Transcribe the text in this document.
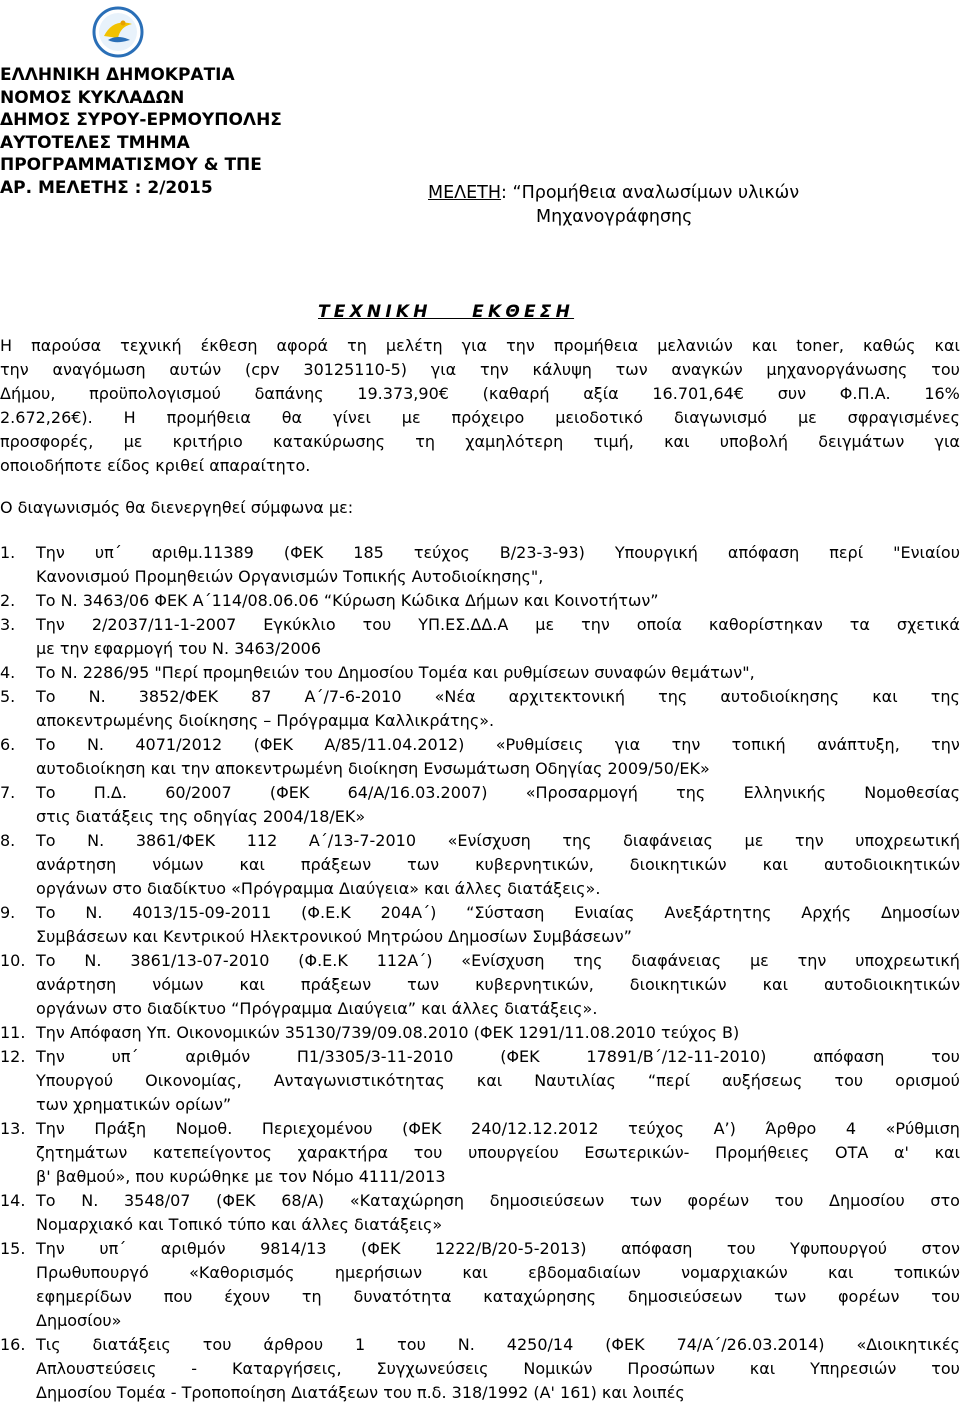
ΕΛΛΗΝΙΚΗ ΔΗΜΟΚΡΑΤΙΑ
ΝΟΜΟΣ ΚΥΚΛΑΔΩΝ
ΔΗΜΟΣ ΣΥΡΟΥ-ΕΡΜΟΥΠΟΛΗΣ
ΑΥΤΟΤΕΛΕΣ ΤΜΗΜΑ
ΠΡΟΓΡΑΜΜΑΤΙΣΜΟΥ & ΤΠΕ
ΑΡ. ΜΕΛΕΤΗΣ : 2/2015	ΜΕΛΕΤΗ: “Προμήθεια αναλωσίμων υλικών
Μηχανογράφησης
ΤΕΧΝΙΚΗ    ΕΚΘΕΣΗ
Η παρούσα τεχνική έκθεση αφορά τη μελέτη για την προμήθεια μελανιών και toner, καθώς και
την αναγόμωση αυτών (cpv 30125110-5) για την κάλυψη των αναγκών μηχανοργάνωσης του
Δήμου, προϋπολογισμού δαπάνης 19.373,90€ (καθαρή αξία 16.701,64€ συν Φ.Π.Α. 16%
2.672,26€). Η προμήθεια θα γίνει με πρόχειρο μειοδοτικό διαγωνισμό με σφραγισμένες
προσφορές, με κριτήριο κατακύρωσης τη χαμηλότερη τιμή, και υποβολή δειγμάτων για
οποιοδήποτε είδος κριθεί απαραίτητο.
Ο διαγωνισμός θα διενεργηθεί σύμφωνα με:
1. Την υπ΄ αριθμ.11389 (ΦΕΚ 185 τεύχος Β/23-3-93) Υπουργική απόφαση περί "Ενιαίου
Κανονισμού Προμηθειών Οργανισμών Τοπικής Αυτοδιοίκησης",
2. Το Ν. 3463/06 ΦΕΚ Α΄114/08.06.06 “Κύρωση Κώδικα Δήμων και Κοινοτήτων”
3. Την 2/2037/11-1-2007 Εγκύκλιο του ΥΠ.ΕΣ.ΔΔ.Α με την οποία καθορίστηκαν τα σχετικά
με την εφαρμογή του Ν. 3463/2006
4. Το Ν. 2286/95 "Περί προμηθειών του Δημοσίου Τομέα και ρυθμίσεων συναφών θεμάτων",
5. Το Ν. 3852/ΦΕΚ 87 Α΄/7-6-2010 «Νέα αρχιτεκτονική της αυτοδιοίκησης και της
αποκεντρωμένης διοίκησης – Πρόγραμμα Καλλικράτης».
6. Το Ν. 4071/2012 (ΦΕΚ Α/85/11.04.2012) «Ρυθμίσεις για την τοπική ανάπτυξη, την
αυτοδιοίκηση και την αποκεντρωμένη διοίκηση Ενσωμάτωση Οδηγίας 2009/50/ΕΚ»
7. Το Π.Δ. 60/2007 (ΦΕΚ 64/Α/16.03.2007) «Προσαρμογή της Ελληνικής Νομοθεσίας
στις διατάξεις της οδηγίας 2004/18/ΕΚ»
8. Το Ν. 3861/ΦΕΚ 112 Α΄/13-7-2010 «Ενίσχυση της διαφάνειας με την υποχρεωτική
ανάρτηση νόμων και πράξεων των κυβερνητικών, διοικητικών και αυτοδιοικητικών
οργάνων στο διαδίκτυο «Πρόγραμμα Διαύγεια» και άλλες διατάξεις».
9. Το Ν. 4013/15-09-2011 (Φ.Ε.Κ 204Α΄) “Σύσταση Ενιαίας Ανεξάρτητης Αρχής Δημοσίων
Συμβάσεων και Κεντρικού Ηλεκτρονικού Μητρώου Δημοσίων Συμβάσεων”
10. Το Ν. 3861/13-07-2010 (Φ.Ε.Κ 112Α΄) «Ενίσχυση της διαφάνειας με την υποχρεωτική
ανάρτηση νόμων και πράξεων των κυβερνητικών, διοικητικών και αυτοδιοικητικών
οργάνων στο διαδίκτυο “Πρόγραμμα Διαύγεια” και άλλες διατάξεις».
11. Την Απόφαση Υπ. Οικονομικών 35130/739/09.08.2010 (ΦΕΚ 1291/11.08.2010 τεύχος Β)
12. Την	υπ΄	αριθμόν	Π1/3305/3-11-2010	(ΦΕΚ	17891/Β΄/12-11-2010)	απόφαση	του
Υπουργού Οικονομίας, Ανταγωνιστικότητας και Ναυτιλίας “περί αυξήσεως του ορισμού
των χρηματικών ορίων”
13. Την Πράξη Νομοθ. Περιεχομένου (ΦΕΚ 240/12.12.2012 τεύχος Α’) Άρθρο 4 «Ρύθμιση
ζητημάτων κατεπείγοντος χαρακτήρα του υπουργείου Εσωτερικών- Προμήθειες ΟΤΑ α' και
β' βαθμού», που κυρώθηκε με τον Νόμο 4111/2013
14. Το Ν. 3548/07 (ΦΕΚ 68/Α) «Καταχώρηση δημοσιεύσεων των φορέων του Δημοσίου στο
Νομαρχιακό και Τοπικό τύπο και άλλες διατάξεις»
15. Την υπ΄ αριθμόν 9814/13 (ΦΕΚ 1222/Β/20-5-2013) απόφαση του Υφυπουργού στον
Πρωθυπουργό	«Καθορισμός	ημερήσιων	και	εβδομαδιαίων	νομαρχιακών	και	τοπικών
εφημερίδων που έχουν τη δυνατότητα καταχώρησης δημοσιεύσεων των φορέων του
Δημοσίου»
16. Τις διατάξεις του άρθρου 1 του Ν. 4250/14 (ΦΕΚ 74/Α΄/26.03.2014) «Διοικητικές
Απλουστεύσεις - Καταργήσεις, Συγχωνεύσεις Νομικών Προσώπων και Υπηρεσιών του
Δημοσίου Τομέα - Τροποποίηση Διατάξεων του π.δ. 318/1992 (Α' 161) και λοιπές
